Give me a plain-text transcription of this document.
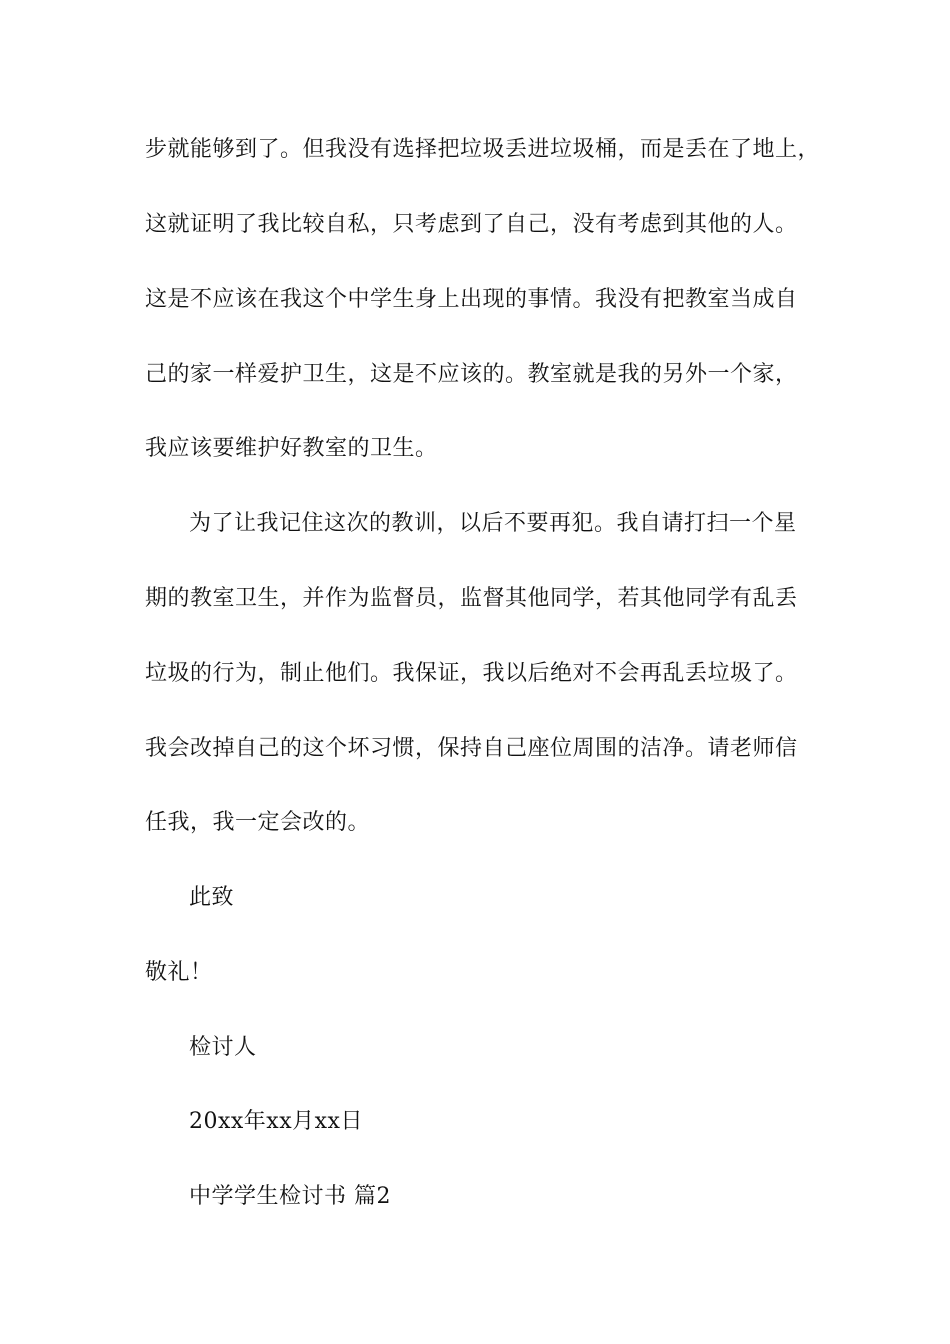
步就能够到了。但我没有选择把垃圾丢进垃圾桶，而是丢在了地上，
这就证明了我比较自私，只考虑到了自己，没有考虑到其他的人。
这是不应该在我这个中学生身上出现的事情。我没有把教室当成自
己的家一样爱护卫生，这是不应该的。教室就是我的另外一个家，
我应该要维护好教室的卫生。
为了让我记住这次的教训，以后不要再犯。我自请打扫一个星
期的教室卫生，并作为监督员，监督其他同学，若其他同学有乱丢
垃圾的行为，制止他们。我保证，我以后绝对不会再乱丢垃圾了。
我会改掉自己的这个坏习惯，保持自己座位周围的洁净。请老师信
任我，我一定会改的。
此致
敬礼！
检讨人
20xx年xx月xx日
中学学生检讨书 篇2
